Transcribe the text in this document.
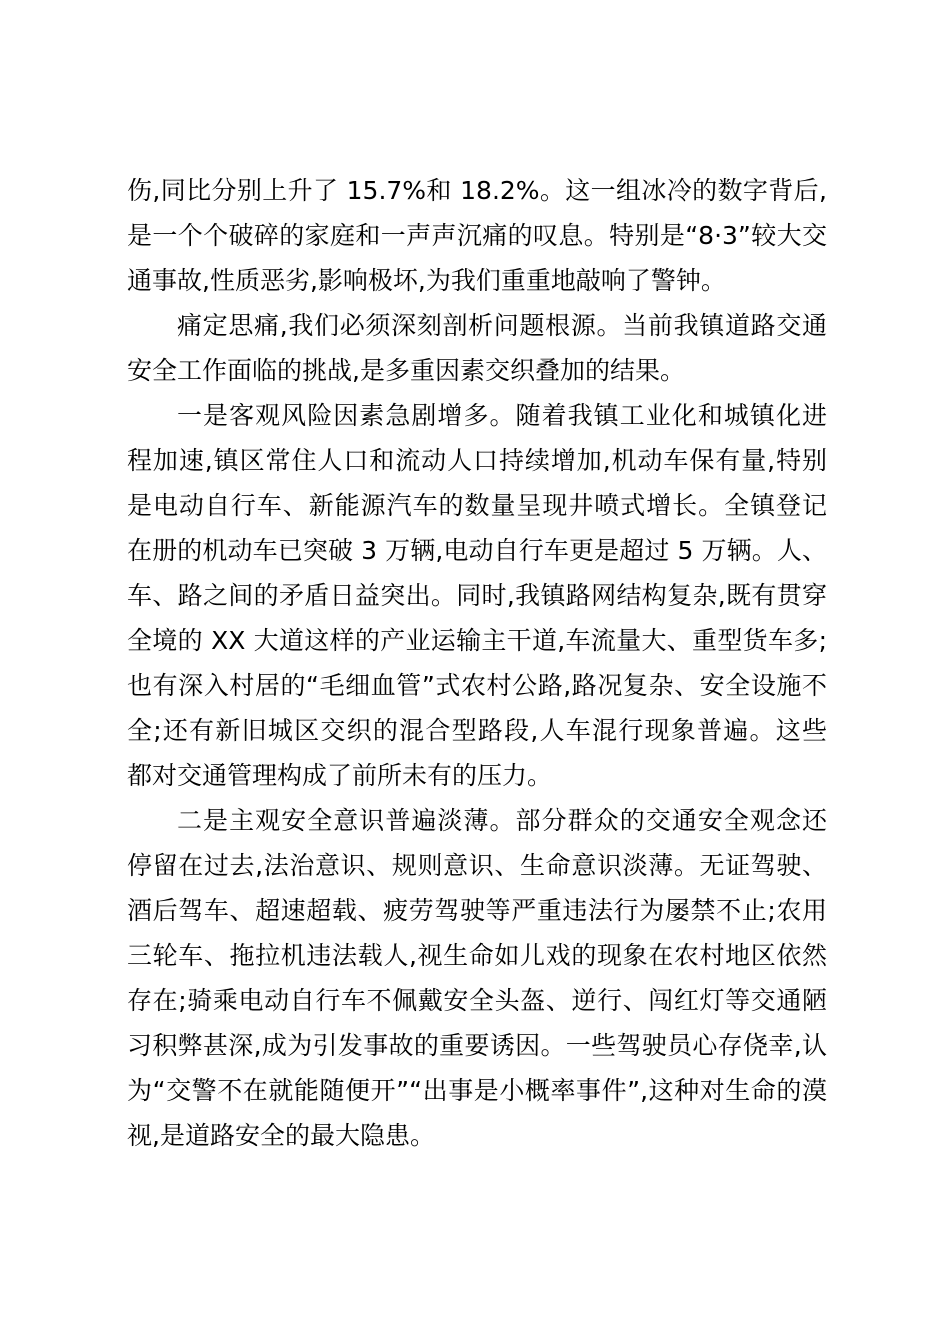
伤,同比分别上升了 15.7%和 18.2%。这一组冰冷的数字背后,
是一个个破碎的家庭和一声声沉痛的叹息。特别是“8·3”较大交
通事故,性质恶劣,影响极坏,为我们重重地敲响了警钟。
痛定思痛,我们必须深刻剖析问题根源。当前我镇道路交通
安全工作面临的挑战,是多重因素交织叠加的结果。
一是客观风险因素急剧增多。随着我镇工业化和城镇化进
程加速,镇区常住人口和流动人口持续增加,机动车保有量,特别
是电动自行车、新能源汽车的数量呈现井喷式增长。全镇登记
在册的机动车已突破 3 万辆,电动自行车更是超过 5 万辆。人、
车、路之间的矛盾日益突出。同时,我镇路网结构复杂,既有贯穿
全境的 XX 大道这样的产业运输主干道,车流量大、重型货车多;
也有深入村居的“毛细血管”式农村公路,路况复杂、安全设施不
全;还有新旧城区交织的混合型路段,人车混行现象普遍。这些
都对交通管理构成了前所未有的压力。
二是主观安全意识普遍淡薄。部分群众的交通安全观念还
停留在过去,法治意识、规则意识、生命意识淡薄。无证驾驶、
酒后驾车、超速超载、疲劳驾驶等严重违法行为屡禁不止;农用
三轮车、拖拉机违法载人,视生命如儿戏的现象在农村地区依然
存在;骑乘电动自行车不佩戴安全头盔、逆行、闯红灯等交通陋
习积弊甚深,成为引发事故的重要诱因。一些驾驶员心存侥幸,认
为“交警不在就能随便开”“出事是小概率事件”,这种对生命的漠
视,是道路安全的最大隐患。
